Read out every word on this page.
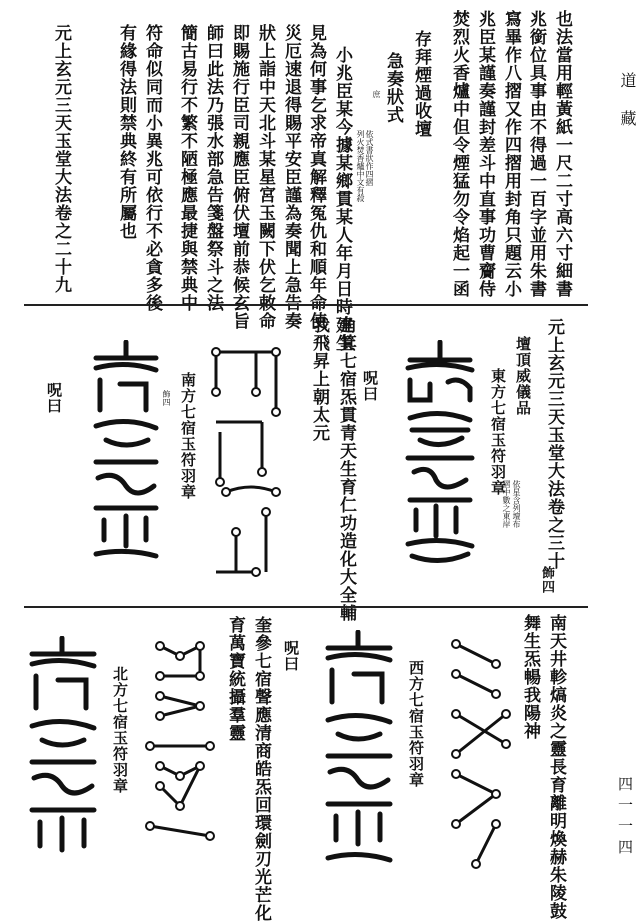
道藏
四一一四
也法當用輕黃紙一尺二寸高六寸細書
兆銜位具事由不得過一百字並用朱書
寫畢作八摺又作四摺用封角只題云小
兆臣某謹奏謹封差斗中直事功曹齎侍
焚烈火香爐中但令煙猛勿令焰起一函
存拜煙過收壇
急奏狀式
依式書狀作四摺
列火焚香爐中文有殺
庶
小兆臣某今據某鄉貫某人年月日時建生
見為何事乞求帝真解釋冤仇和順年命使
災厄速退得賜平安臣謹為奏聞上急告奏
狀上詣中天北斗某星宮玉闕下伏乞敕命
即賜施行臣司親應臣俯伏壇前恭候玄旨
師曰此法乃張水部急告箋盤祭斗之法
簡古易行不繁不陋極應最捷與禁典中
符命似同而小異兆可依行不必貪多後
有緣得法則禁典終有所屬也
元上玄元三天玉堂大法卷之二十九
元上玄元三天玉堂大法卷之三十
壇頂威儀品
東方七宿玉符羽章
依星含列壇布
摺中數之東岸
飾四
角箕七宿炁貫青天生育仁功造化大全輔
我飛昇上朝太元 呪曰
南方七宿玉符羽章
飾四
呪曰
南天井軫熇炎之靈長育離明煥赫朱陵鼓
舞生炁暢我陽神
西方七宿玉符羽章
呪曰
奎參七宿聲應清商皓炁回環劍刃光芒化
育萬寶統攝羣靈
北方七宿玉符羽章
